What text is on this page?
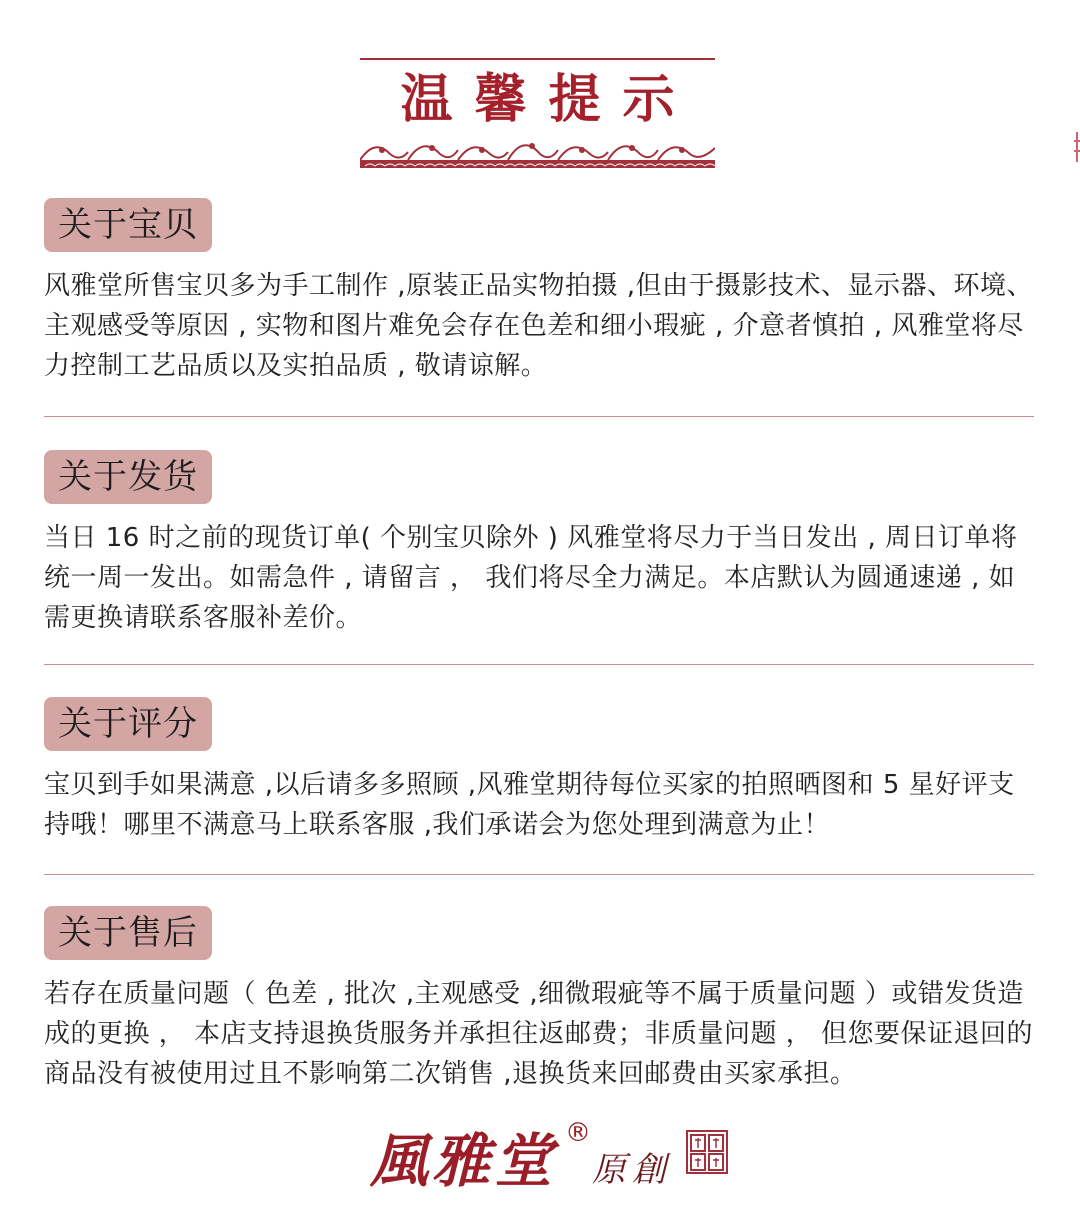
温馨提示
关于宝贝
风雅堂所售宝贝多为手工制作 ,原装正品实物拍摄 ,但由于摄影技术、显示器、环境、主观感受等原因 , 实物和图片难免会存在色差和细小瑕疵 , 介意者慎拍 , 风雅堂将尽力控制工艺品质以及实拍品质 , 敬请谅解。
关于发货
当日 16 时之前的现货订单( 个别宝贝除外 ) 风雅堂将尽力于当日发出 , 周日订单将统一周一发出。如需急件 , 请留言 ， 我们将尽全力满足。本店默认为圆通速递 , 如需更换请联系客服补差价。
关于评分
宝贝到手如果满意 ,以后请多多照顾 ,风雅堂期待每位买家的拍照晒图和 5 星好评支持哦！哪里不满意马上联系客服 ,我们承诺会为您处理到满意为止！
关于售后
若存在质量问题（ 色差 , 批次 ,主观感受 ,细微瑕疵等不属于质量问题 ）或错发货造成的更换 ， 本店支持退换货服务并承担往返邮费；非质量问题 ， 但您要保证退回的商品没有被使用过且不影响第二次销售 ,退换货来回邮费由买家承担。
風雅堂 ®
原創
